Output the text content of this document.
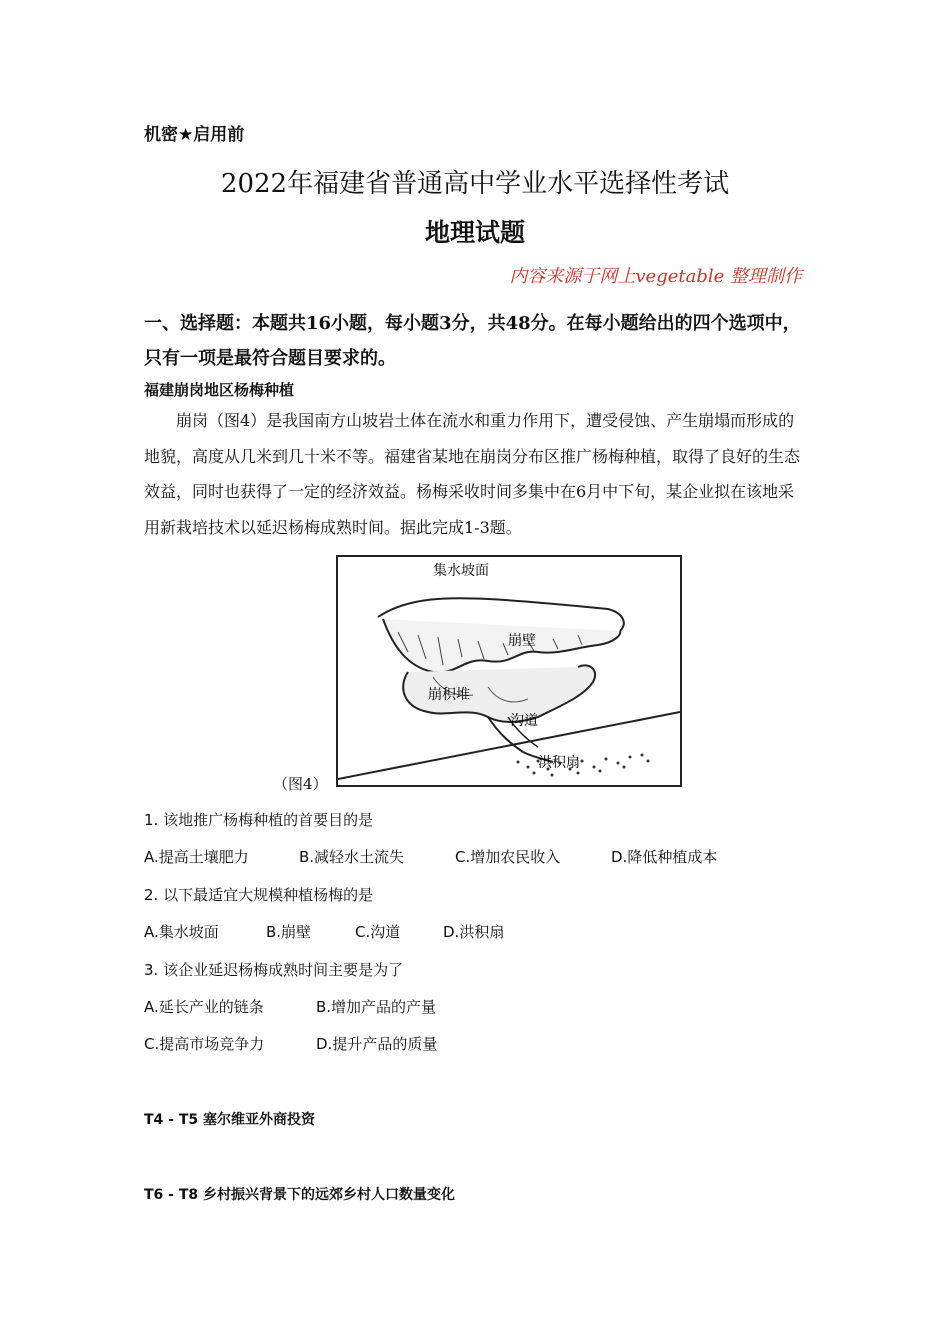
机密★启用前
2022年福建省普通高中学业水平选择性考试
地理试题
内容来源于网上vegetable 整理制作
一、选择题：本题共16小题，每小题3分，共48分。在每小题给出的四个选项中，只有一项是最符合题目要求的。
福建崩岗地区杨梅种植
崩岗（图4）是我国南方山坡岩土体在流水和重力作用下，遭受侵蚀、产生崩塌而形成的地貌，高度从几米到几十米不等。福建省某地在崩岗分布区推广杨梅种植，取得了良好的生态效益，同时也获得了一定的经济效益。杨梅采收时间多集中在6月中下旬，某企业拟在该地采用新栽培技术以延迟杨梅成熟时间。据此完成1-3题。
集水坡面
崩壁
崩积堆
沟道
洪积扇
（图4）
1. 该地推广杨梅种植的首要目的是
A.提高土壤肥力	B.减轻水土流失	C.增加农民收入	D.降低种植成本
2. 以下最适宜大规模种植杨梅的是
A.集水坡面	B.崩壁	C.沟道	D.洪积扇
3. 该企业延迟杨梅成熟时间主要是为了
A.延长产业的链条	B.增加产品的产量
C.提高市场竞争力	D.提升产品的质量
T4 - T5 塞尔维亚外商投资
T6 - T8 乡村振兴背景下的远郊乡村人口数量变化
